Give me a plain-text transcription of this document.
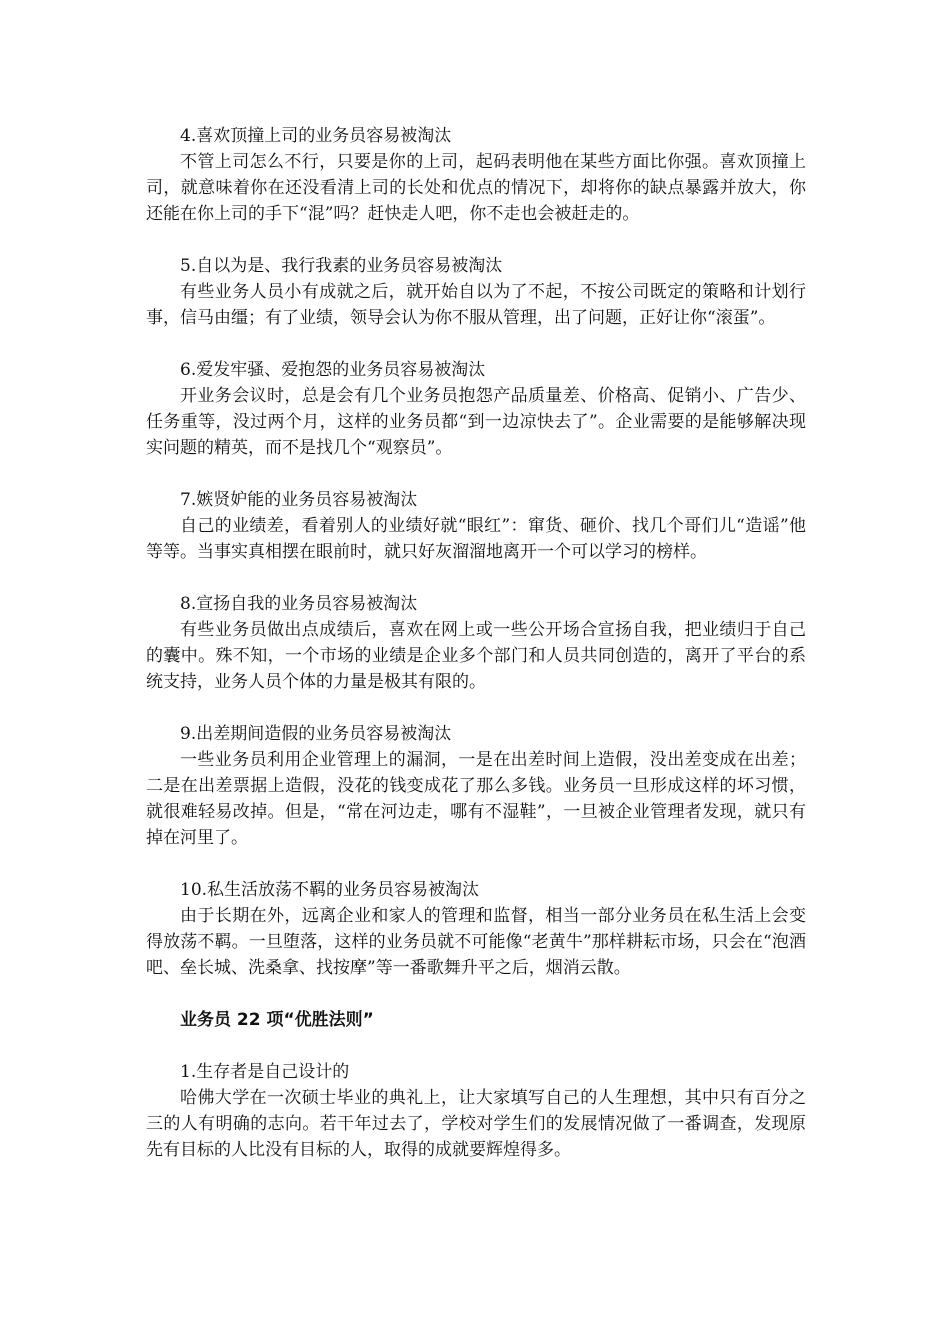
4.喜欢顶撞上司的业务员容易被淘汰
不管上司怎么不行，只要是你的上司，起码表明他在某些方面比你强。喜欢顶撞上司，就意味着你在还没看清上司的长处和优点的情况下，却将你的缺点暴露并放大，你还能在你上司的手下“混”吗？赶快走人吧，你不走也会被赶走的。
5.自以为是、我行我素的业务员容易被淘汰
有些业务人员小有成就之后，就开始自以为了不起，不按公司既定的策略和计划行事，信马由缰；有了业绩，领导会认为你不服从管理，出了问题，正好让你“滚蛋”。
6.爱发牢骚、爱抱怨的业务员容易被淘汰
开业务会议时，总是会有几个业务员抱怨产品质量差、价格高、促销小、广告少、任务重等，没过两个月，这样的业务员都“到一边凉快去了”。企业需要的是能够解决现实问题的精英，而不是找几个“观察员”。
7.嫉贤妒能的业务员容易被淘汰
自己的业绩差，看着别人的业绩好就“眼红”：窜货、砸价、找几个哥们儿“造谣”他等等。当事实真相摆在眼前时，就只好灰溜溜地离开一个可以学习的榜样。
8.宣扬自我的业务员容易被淘汰
有些业务员做出点成绩后，喜欢在网上或一些公开场合宣扬自我，把业绩归于自己的囊中。殊不知，一个市场的业绩是企业多个部门和人员共同创造的，离开了平台的系统支持，业务人员个体的力量是极其有限的。
9.出差期间造假的业务员容易被淘汰
一些业务员利用企业管理上的漏洞，一是在出差时间上造假，没出差变成在出差；二是在出差票据上造假，没花的钱变成花了那么多钱。业务员一旦形成这样的坏习惯，就很难轻易改掉。但是，“常在河边走，哪有不湿鞋”，一旦被企业管理者发现，就只有掉在河里了。
10.私生活放荡不羁的业务员容易被淘汰
由于长期在外，远离企业和家人的管理和监督，相当一部分业务员在私生活上会变得放荡不羁。一旦堕落，这样的业务员就不可能像“老黄牛”那样耕耘市场，只会在“泡酒吧、垒长城、洗桑拿、找按摩”等一番歌舞升平之后，烟消云散。
业务员 22 项“优胜法则”
1.生存者是自己设计的
哈佛大学在一次硕士毕业的典礼上，让大家填写自己的人生理想，其中只有百分之三的人有明确的志向。若干年过去了，学校对学生们的发展情况做了一番调查，发现原先有目标的人比没有目标的人，取得的成就要辉煌得多。
